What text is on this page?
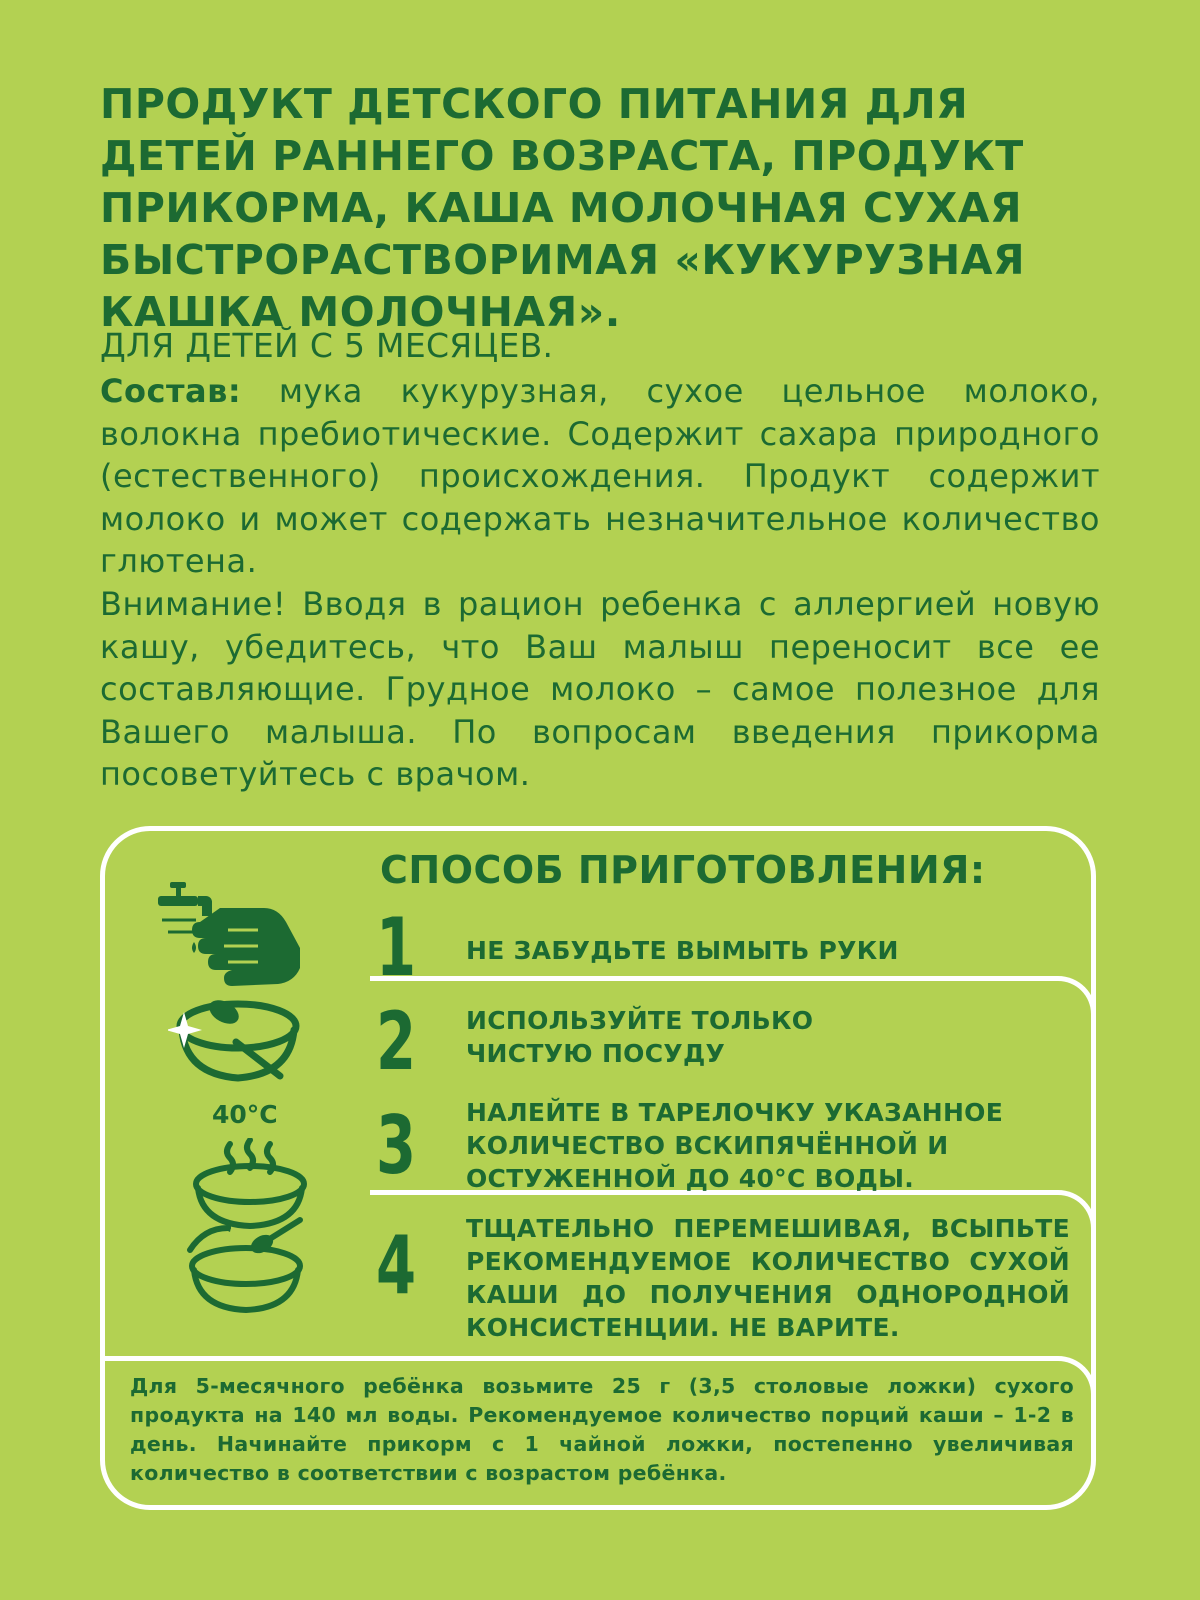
ПРОДУКТ ДЕТСКОГО ПИТАНИЯ ДЛЯ ДЕТЕЙ РАННЕГО ВОЗРАСТА, ПРОДУКТ ПРИКОРМА, КАША МОЛОЧНАЯ СУХАЯ БЫСТРОРАСТВОРИМАЯ «КУКУРУЗНАЯ КАШКА МОЛОЧНАЯ».
ДЛЯ ДЕТЕЙ С 5 МЕСЯЦЕВ.

Состав: мука кукурузная, сухое цельное молоко, волокна пребиотические. Содержит сахара природного (естественного) происхождения. Продукт содержит молоко и может содержать незначительное количество глютена.

Внимание! Вводя в рацион ребенка с аллергией новую кашу, убедитесь, что Ваш малыш переносит все ее составляющие. Грудное молоко – самое полезное для Вашего малыша. По вопросам введения прикорма посоветуйтесь с врачом.

СПОСОБ ПРИГОТОВЛЕНИЯ:
1 НЕ ЗАБУДЬТЕ ВЫМЫТЬ РУКИ
2 ИСПОЛЬЗУЙТЕ ТОЛЬКО ЧИСТУЮ ПОСУДУ
3 НАЛЕЙТЕ В ТАРЕЛОЧКУ УКАЗАННОЕ КОЛИЧЕСТВО ВСКИПЯЧЁННОЙ И ОСТУЖЕННОЙ ДО 40°С ВОДЫ.
4 ТЩАТЕЛЬНО ПЕРЕМЕШИВАЯ, ВСЫПЬТЕ РЕКОМЕНДУЕМОЕ КОЛИЧЕСТВО СУХОЙ КАШИ ДО ПОЛУЧЕНИЯ ОДНОРОДНОЙ КОНСИСТЕНЦИИ. НЕ ВАРИТЕ.
40°C
Для 5-месячного ребёнка возьмите 25 г (3,5 столовые ложки) сухого продукта на 140 мл воды. Рекомендуемое количество порций каши – 1-2 в день. Начинайте прикорм с 1 чайной ложки, постепенно увеличивая количество в соответствии с возрастом ребёнка.
